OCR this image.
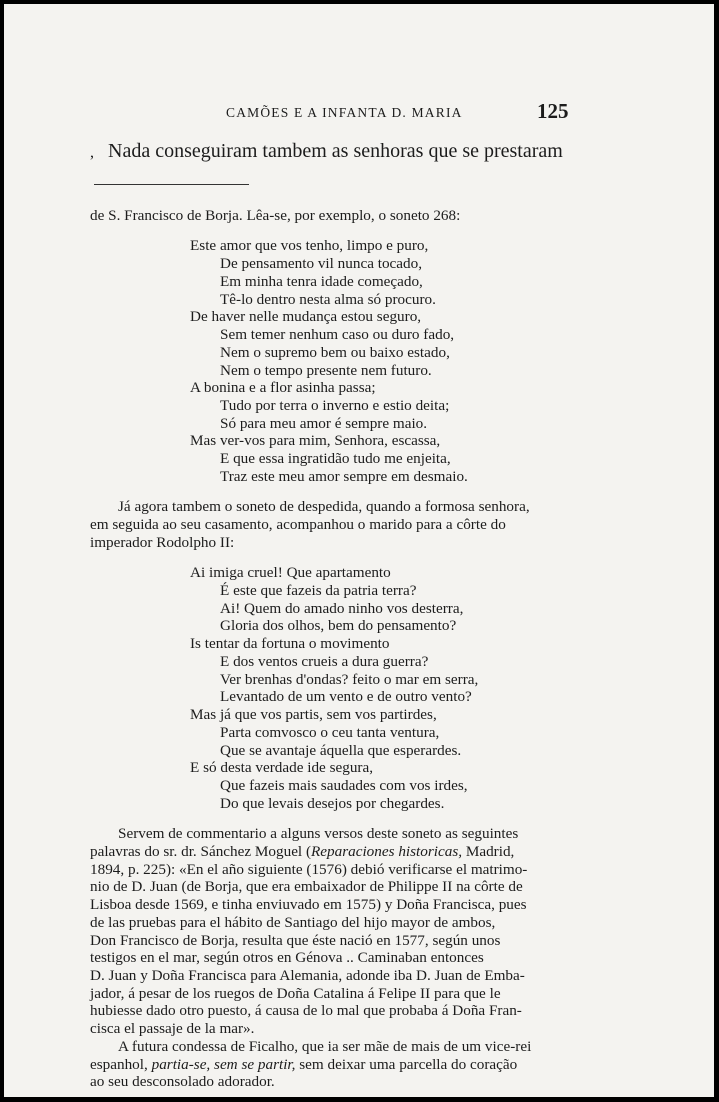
CAMÕES E A INFANTA D. MARIA	125
, Nada conseguiram tambem as senhoras que se prestaram
de S. Francisco de Borja. Lêa-se, por exemplo, o soneto 268:
Este amor que vos tenho, limpo e puro,
De pensamento vil nunca tocado,
Em minha tenra idade começado,
Tê-lo dentro nesta alma só procuro.
De haver nelle mudança estou seguro,
Sem temer nenhum caso ou duro fado,
Nem o supremo bem ou baixo estado,
Nem o tempo presente nem futuro.
A bonina e a flor asinha passa;
Tudo por terra o inverno e estio deita;
Só para meu amor é sempre maio.
Mas ver-vos para mim, Senhora, escassa,
E que essa ingratidão tudo me enjeita,
Traz este meu amor sempre em desmaio.
Já agora tambem o soneto de despedida, quando a formosa senhora,
em seguida ao seu casamento, acompanhou o marido para a côrte do
imperador Rodolpho II:
Ai imiga cruel! Que apartamento
É este que fazeis da patria terra?
Ai! Quem do amado ninho vos desterra,
Gloria dos olhos, bem do pensamento?
Is tentar da fortuna o movimento
E dos ventos crueis a dura guerra?
Ver brenhas d'ondas? feito o mar em serra,
Levantado de um vento e de outro vento?
Mas já que vos partis, sem vos partirdes,
Parta comvosco o ceu tanta ventura,
Que se avantaje áquella que esperardes.
E só desta verdade ide segura,
Que fazeis mais saudades com vos irdes,
Do que levais desejos por chegardes.
Servem de commentario a alguns versos deste soneto as seguintes
palavras do sr. dr. Sánchez Moguel (Reparaciones historicas, Madrid,
1894, p. 225): «En el año siguiente (1576) debió verificarse el matrimo-
nio de D. Juan (de Borja, que era embaixador de Philippe II na côrte de
Lisboa desde 1569, e tinha enviuvado em 1575) y Doña Francisca, pues
de las pruebas para el hábito de Santiago del hijo mayor de ambos,
Don Francisco de Borja, resulta que éste nació en 1577, según unos
testigos en el mar, según otros en Génova .. Caminaban entonces
D. Juan y Doña Francisca para Alemania, adonde iba D. Juan de Emba-
jador, á pesar de los ruegos de Doña Catalina á Felipe II para que le
hubiesse dado otro puesto, á causa de lo mal que probaba á Doña Fran-
cisca el passaje de la mar».
A futura condessa de Ficalho, que ia ser mãe de mais de um vice-rei
espanhol, partia-se, sem se partir, sem deixar uma parcella do coração
ao seu desconsolado adorador.
